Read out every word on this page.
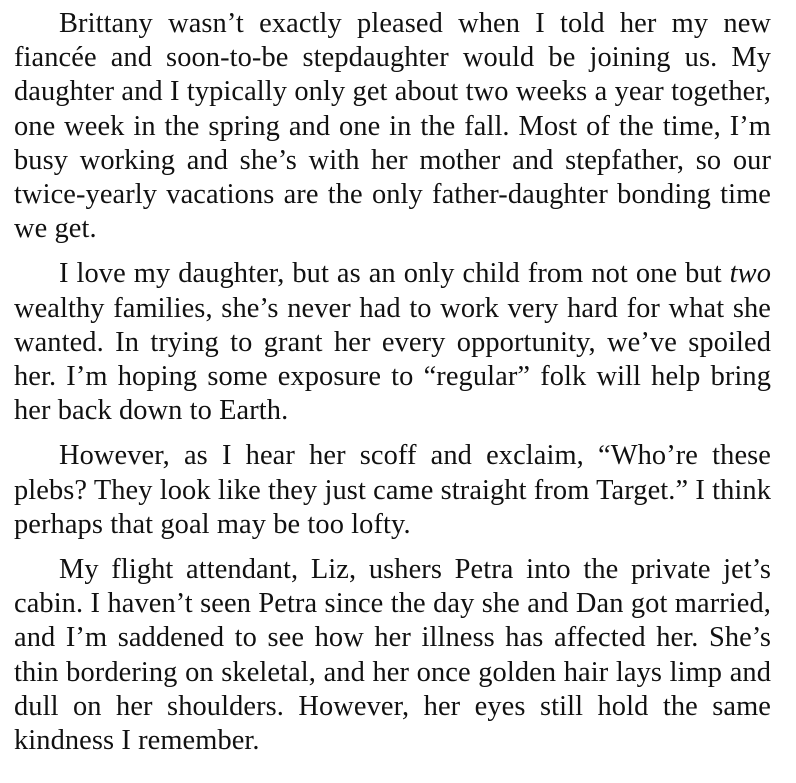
Brittany wasn’t exactly pleased when I told her my new fiancée and soon-to-be stepdaughter would be joining us. My daughter and I typically only get about two weeks a year together, one week in the spring and one in the fall. Most of the time, I’m busy working and she’s with her mother and stepfather, so our twice-yearly vacations are the only father-daughter bonding time we get.

I love my daughter, but as an only child from not one but two wealthy families, she’s never had to work very hard for what she wanted. In trying to grant her every opportunity, we’ve spoiled her. I’m hoping some exposure to “regular” folk will help bring her back down to Earth.

However, as I hear her scoff and exclaim, “Who’re these plebs? They look like they just came straight from Target.” I think perhaps that goal may be too lofty.

My flight attendant, Liz, ushers Petra into the private jet’s cabin. I haven’t seen Petra since the day she and Dan got married, and I’m saddened to see how her illness has affected her. She’s thin bordering on skeletal, and her once golden hair lays limp and dull on her shoulders. However, her eyes still hold the same kindness I remember.
